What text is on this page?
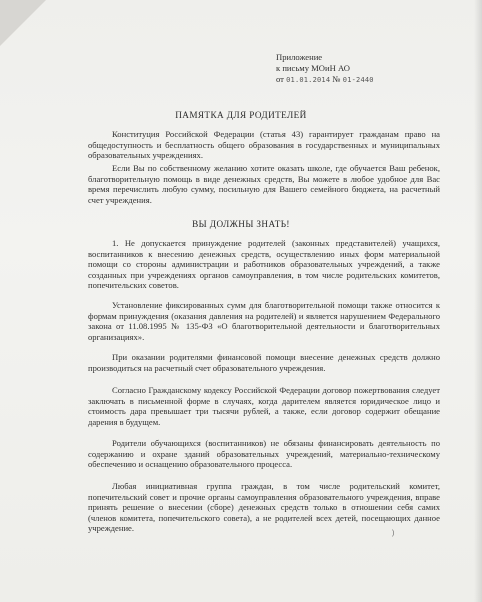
Приложение
к письму МОиН АО
от 01.01.2014 № 01-2440
ПАМЯТКА ДЛЯ РОДИТЕЛЕЙ

Конституция Российской Федерации (статья 43) гарантирует гражданам право на общедоступность и бесплатность общего образования в государственных и муниципальных образовательных учреждениях.

Если Вы по собственному желанию хотите оказать школе, где обучается Ваш ребенок, благотворительную помощь в виде денежных средств, Вы можете в любое удобное для Вас время перечислить любую сумму, посильную для Вашего семейного бюджета, на расчетный счет учреждения.

ВЫ ДОЛЖНЫ ЗНАТЬ!

1. Не допускается принуждение родителей (законных представителей) учащихся, воспитанников к внесению денежных средств, осуществлению иных форм материальной помощи со стороны администрации и работников образовательных учреждений, а также созданных при учреждениях органов самоуправления, в том числе родительских комитетов, попечительских советов.

Установление фиксированных сумм для благотворительной помощи также относится к формам принуждения (оказания давления на родителей) и является нарушением Федерального закона от 11.08.1995 № 135-ФЗ «О благотворительной деятельности и благотворительных организациях».

При оказании родителями финансовой помощи внесение денежных средств должно производиться на расчетный счет образовательного учреждения.

Согласно Гражданскому кодексу Российской Федерации договор пожертвования следует заключать в письменной форме в случаях, когда дарителем является юридическое лицо и стоимость дара превышает три тысячи рублей, а также, если договор содержит обещание дарения в будущем.

Родители обучающихся (воспитанников) не обязаны финансировать деятельность по содержанию и охране зданий образовательных учреждений, материально-техническому обеспечению и оснащению образовательного процесса.

Любая инициативная группа граждан, в том числе родительский комитет, попечительский совет и прочие органы самоуправления образовательного учреждения, вправе принять решение о внесении (сборе) денежных средств только в отношении себя самих (членов комитета, попечительского совета), а не родителей всех детей, посещающих данное учреждение.

)
